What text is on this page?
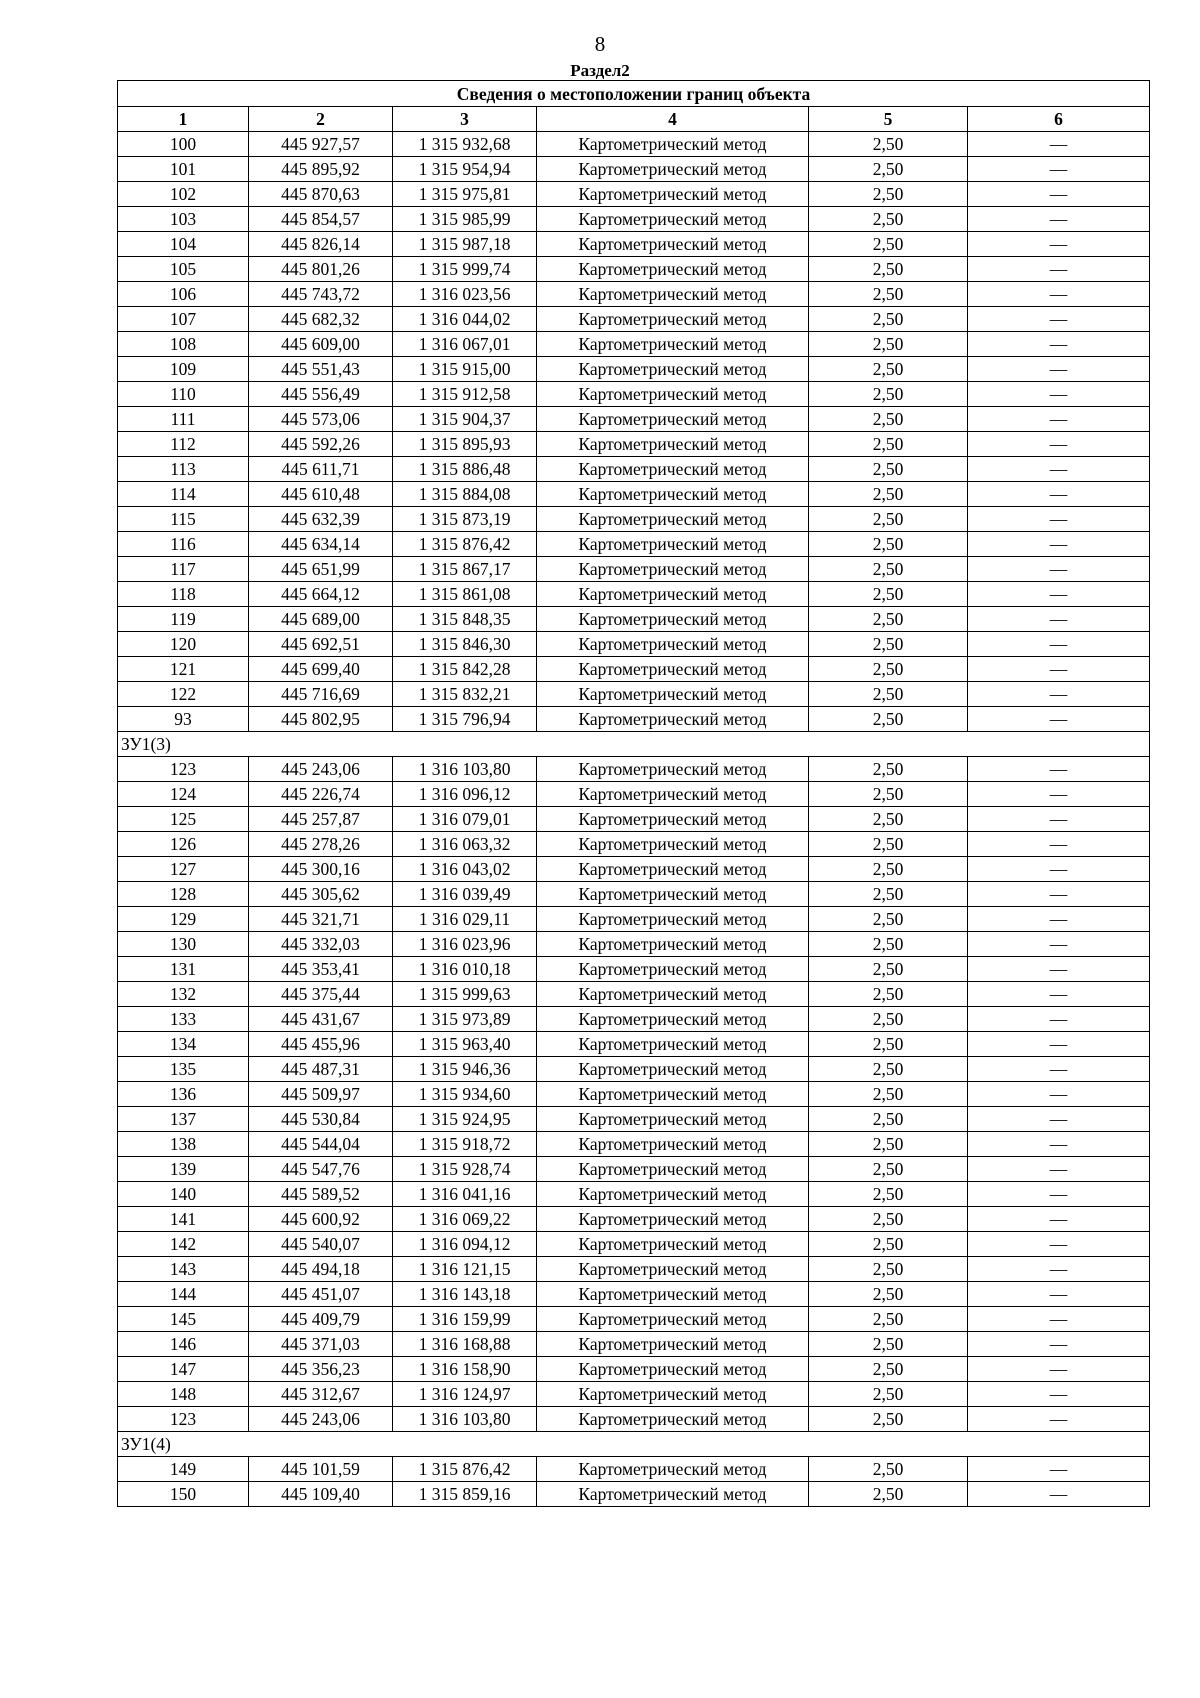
8
Раздел2
Сведения о местоположении границ объекта					
1	2	3	4	5	6
100	445 927,57	1 315 932,68	Картометрический метод	2,50	—
101	445 895,92	1 315 954,94	Картометрический метод	2,50	—
102	445 870,63	1 315 975,81	Картометрический метод	2,50	—
103	445 854,57	1 315 985,99	Картометрический метод	2,50	—
104	445 826,14	1 315 987,18	Картометрический метод	2,50	—
105	445 801,26	1 315 999,74	Картометрический метод	2,50	—
106	445 743,72	1 316 023,56	Картометрический метод	2,50	—
107	445 682,32	1 316 044,02	Картометрический метод	2,50	—
108	445 609,00	1 316 067,01	Картометрический метод	2,50	—
109	445 551,43	1 315 915,00	Картометрический метод	2,50	—
110	445 556,49	1 315 912,58	Картометрический метод	2,50	—
111	445 573,06	1 315 904,37	Картометрический метод	2,50	—
112	445 592,26	1 315 895,93	Картометрический метод	2,50	—
113	445 611,71	1 315 886,48	Картометрический метод	2,50	—
114	445 610,48	1 315 884,08	Картометрический метод	2,50	—
115	445 632,39	1 315 873,19	Картометрический метод	2,50	—
116	445 634,14	1 315 876,42	Картометрический метод	2,50	—
117	445 651,99	1 315 867,17	Картометрический метод	2,50	—
118	445 664,12	1 315 861,08	Картометрический метод	2,50	—
119	445 689,00	1 315 848,35	Картометрический метод	2,50	—
120	445 692,51	1 315 846,30	Картометрический метод	2,50	—
121	445 699,40	1 315 842,28	Картометрический метод	2,50	—
122	445 716,69	1 315 832,21	Картометрический метод	2,50	—
93	445 802,95	1 315 796,94	Картометрический метод	2,50	—
ЗУ1(3)					
123	445 243,06	1 316 103,80	Картометрический метод	2,50	—
124	445 226,74	1 316 096,12	Картометрический метод	2,50	—
125	445 257,87	1 316 079,01	Картометрический метод	2,50	—
126	445 278,26	1 316 063,32	Картометрический метод	2,50	—
127	445 300,16	1 316 043,02	Картометрический метод	2,50	—
128	445 305,62	1 316 039,49	Картометрический метод	2,50	—
129	445 321,71	1 316 029,11	Картометрический метод	2,50	—
130	445 332,03	1 316 023,96	Картометрический метод	2,50	—
131	445 353,41	1 316 010,18	Картометрический метод	2,50	—
132	445 375,44	1 315 999,63	Картометрический метод	2,50	—
133	445 431,67	1 315 973,89	Картометрический метод	2,50	—
134	445 455,96	1 315 963,40	Картометрический метод	2,50	—
135	445 487,31	1 315 946,36	Картометрический метод	2,50	—
136	445 509,97	1 315 934,60	Картометрический метод	2,50	—
137	445 530,84	1 315 924,95	Картометрический метод	2,50	—
138	445 544,04	1 315 918,72	Картометрический метод	2,50	—
139	445 547,76	1 315 928,74	Картометрический метод	2,50	—
140	445 589,52	1 316 041,16	Картометрический метод	2,50	—
141	445 600,92	1 316 069,22	Картометрический метод	2,50	—
142	445 540,07	1 316 094,12	Картометрический метод	2,50	—
143	445 494,18	1 316 121,15	Картометрический метод	2,50	—
144	445 451,07	1 316 143,18	Картометрический метод	2,50	—
145	445 409,79	1 316 159,99	Картометрический метод	2,50	—
146	445 371,03	1 316 168,88	Картометрический метод	2,50	—
147	445 356,23	1 316 158,90	Картометрический метод	2,50	—
148	445 312,67	1 316 124,97	Картометрический метод	2,50	—
123	445 243,06	1 316 103,80	Картометрический метод	2,50	—
ЗУ1(4)					
149	445 101,59	1 315 876,42	Картометрический метод	2,50	—
150	445 109,40	1 315 859,16	Картометрический метод	2,50	—
